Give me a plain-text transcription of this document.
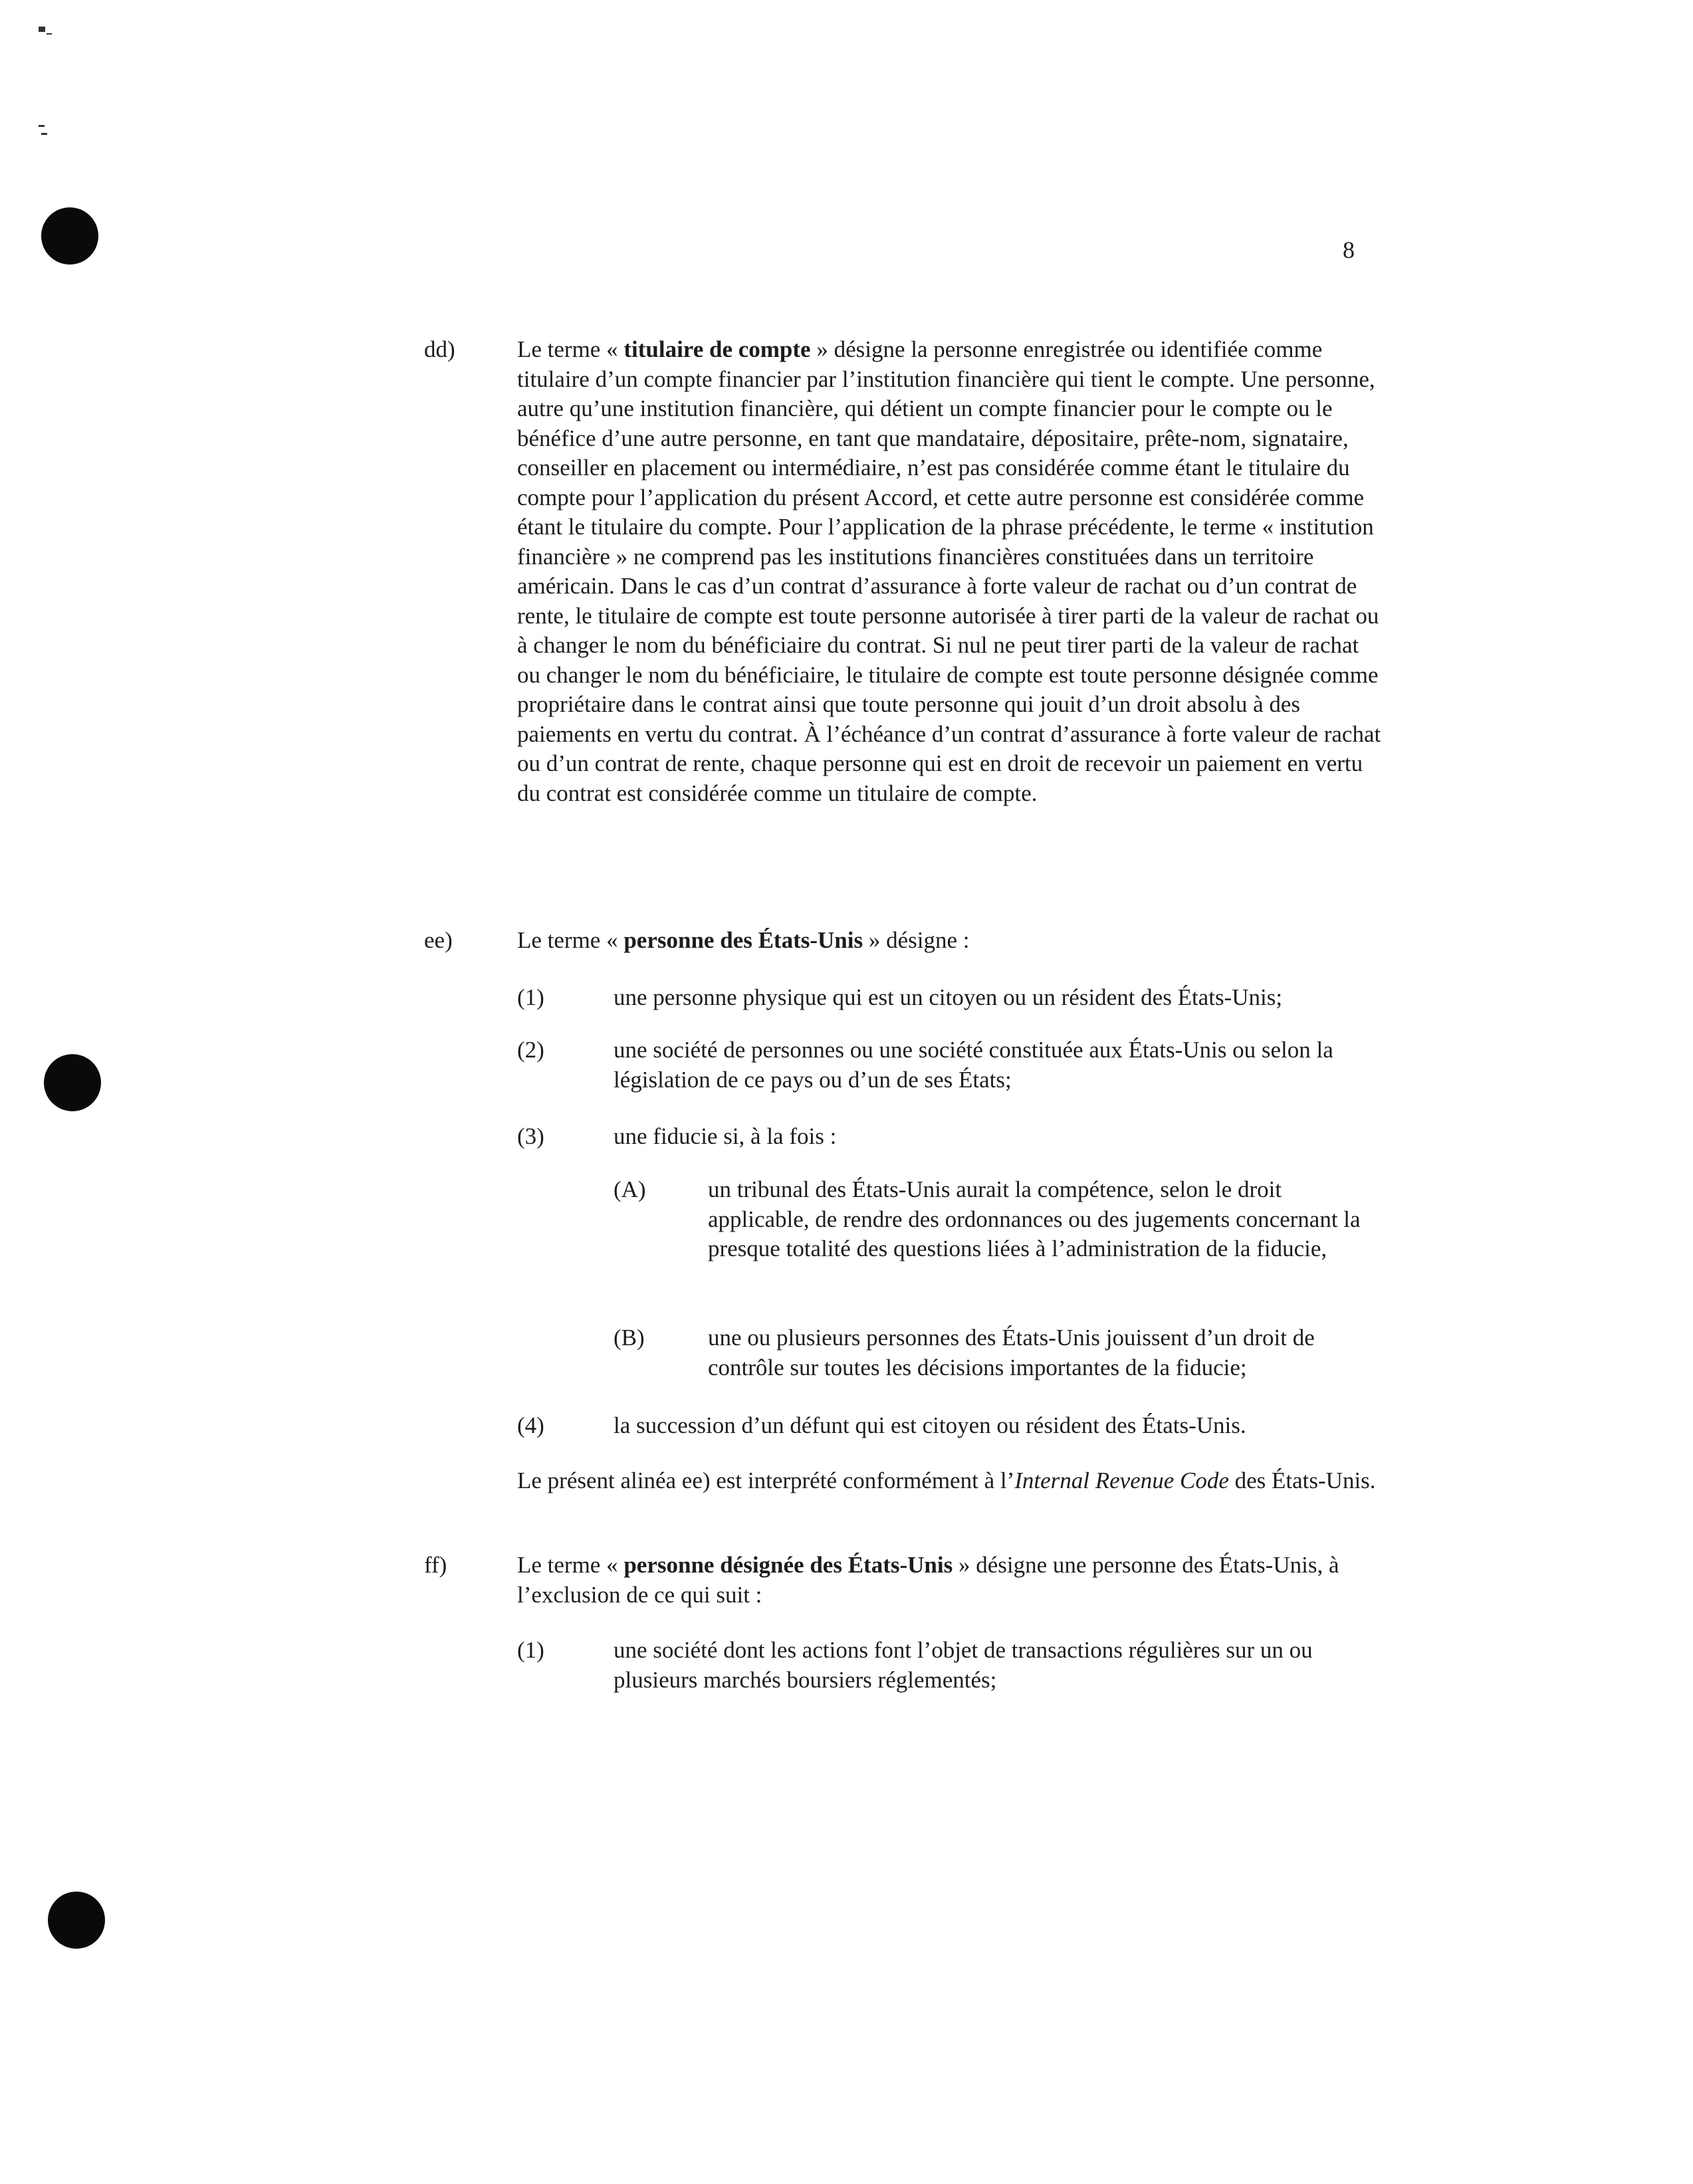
8
dd)	Le terme « titulaire de compte » désigne la personne enregistrée ou identifiée comme titulaire d’un compte financier par l’institution financière qui tient le compte. Une personne, autre qu’une institution financière, qui détient un compte financier pour le compte ou le bénéfice d’une autre personne, en tant que mandataire, dépositaire, prête-nom, signataire, conseiller en placement ou intermédiaire, n’est pas considérée comme étant le titulaire du compte pour l’application du présent Accord, et cette autre personne est considérée comme étant le titulaire du compte. Pour l’application de la phrase précédente, le terme « institution financière » ne comprend pas les institutions financières constituées dans un territoire américain. Dans le cas d’un contrat d’assurance à forte valeur de rachat ou d’un contrat de rente, le titulaire de compte est toute personne autorisée à tirer parti de la valeur de rachat ou à changer le nom du bénéficiaire du contrat. Si nul ne peut tirer parti de la valeur de rachat ou changer le nom du bénéficiaire, le titulaire de compte est toute personne désignée comme propriétaire dans le contrat ainsi que toute personne qui jouit d’un droit absolu à des paiements en vertu du contrat. À l’échéance d’un contrat d’assurance à forte valeur de rachat ou d’un contrat de rente, chaque personne qui est en droit de recevoir un paiement en vertu du contrat est considérée comme un titulaire de compte.
ee)	Le terme « personne des États-Unis » désigne :
(1)	une personne physique qui est un citoyen ou un résident des États-Unis;
(2)	une société de personnes ou une société constituée aux États-Unis ou selon la législation de ce pays ou d’un de ses États;
(3)	une fiducie si, à la fois :
(A)	un tribunal des États-Unis aurait la compétence, selon le droit applicable, de rendre des ordonnances ou des jugements concernant la presque totalité des questions liées à l’administration de la fiducie,
(B)	une ou plusieurs personnes des États-Unis jouissent d’un droit de contrôle sur toutes les décisions importantes de la fiducie;
(4)	la succession d’un défunt qui est citoyen ou résident des États-Unis.
Le présent alinéa ee) est interprété conformément à l’Internal Revenue Code des États-Unis.
ff)	Le terme « personne désignée des États-Unis » désigne une personne des États-Unis, à l’exclusion de ce qui suit :
(1)	une société dont les actions font l’objet de transactions régulières sur un ou plusieurs marchés boursiers réglementés;
